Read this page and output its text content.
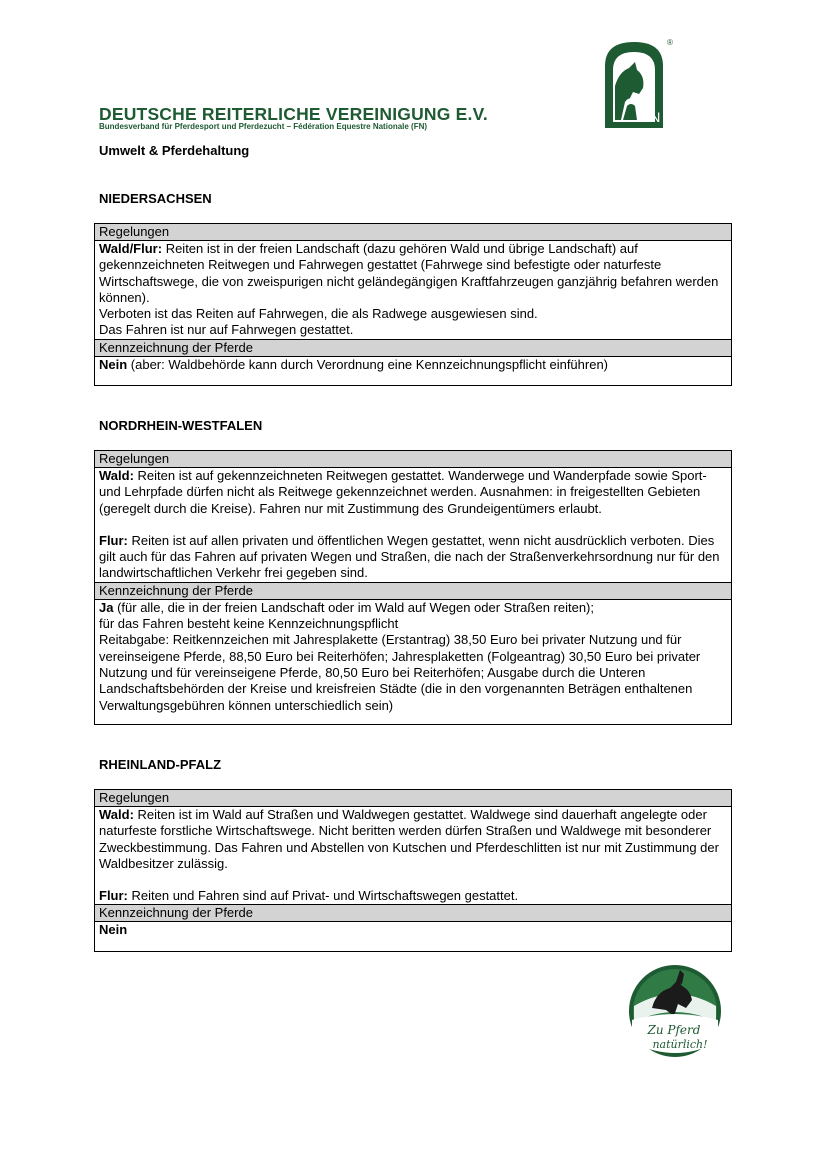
DEUTSCHE REITERLICHE VEREINIGUNG E.V.
Bundesverband für Pferdesport und Pferdezucht – Fédération Equestre Nationale (FN)
FN
®
Umwelt & Pferdehaltung
NIEDERSACHSEN
Regelungen
Wald/Flur: Reiten ist in der freien Landschaft (dazu gehören Wald und übrige Landschaft) auf gekennzeichneten Reitwegen und Fahrwegen gestattet (Fahrwege sind befestigte oder naturfeste Wirtschaftswege, die von zweispurigen nicht geländegängigen Kraftfahrzeugen ganzjährig befahren werden können).
Verboten ist das Reiten auf Fahrwegen, die als Radwege ausgewiesen sind.
Das Fahren ist nur auf Fahrwegen gestattet.
Kennzeichnung der Pferde
Nein (aber: Waldbehörde kann durch Verordnung eine Kennzeichnungspflicht einführen)
NORDRHEIN-WESTFALEN
Regelungen
Wald: Reiten ist auf gekennzeichneten Reitwegen gestattet. Wanderwege und Wanderpfade sowie Sport- und Lehrpfade dürfen nicht als Reitwege gekennzeichnet werden. Ausnahmen: in freigestellten Gebieten (geregelt durch die Kreise). Fahren nur mit Zustimmung des Grundeigentümers erlaubt.
Flur: Reiten ist auf allen privaten und öffentlichen Wegen gestattet, wenn nicht ausdrücklich verboten. Dies gilt auch für das Fahren auf privaten Wegen und Straßen, die nach der Straßenverkehrsordnung nur für den landwirtschaftlichen Verkehr frei gegeben sind.
Kennzeichnung der Pferde
Ja (für alle, die in der freien Landschaft oder im Wald auf Wegen oder Straßen reiten);
für das Fahren besteht keine Kennzeichnungspflicht
Reitabgabe: Reitkennzeichen mit Jahresplakette (Erstantrag) 38,50 Euro bei privater Nutzung und für vereinseigene Pferde, 88,50 Euro bei Reiterhöfen; Jahresplaketten (Folgeantrag) 30,50 Euro bei privater Nutzung und für vereinseigene Pferde, 80,50 Euro bei Reiterhöfen; Ausgabe durch die Unteren Landschaftsbehörden der Kreise und kreisfreien Städte (die in den vorgenannten Beträgen enthaltenen Verwaltungsgebühren können unterschiedlich sein)
RHEINLAND-PFALZ
Regelungen
Wald: Reiten ist im Wald auf Straßen und Waldwegen gestattet. Waldwege sind dauerhaft angelegte oder naturfeste forstliche Wirtschaftswege. Nicht beritten werden dürfen Straßen und Waldwege mit besonderer Zweckbestimmung. Das Fahren und Abstellen von Kutschen und Pferdeschlitten ist nur mit Zustimmung der Waldbesitzer zulässig.
Flur: Reiten und Fahren sind auf Privat- und Wirtschaftswegen gestattet.
Kennzeichnung der Pferde
Nein
Zu Pferd
natürlich!
